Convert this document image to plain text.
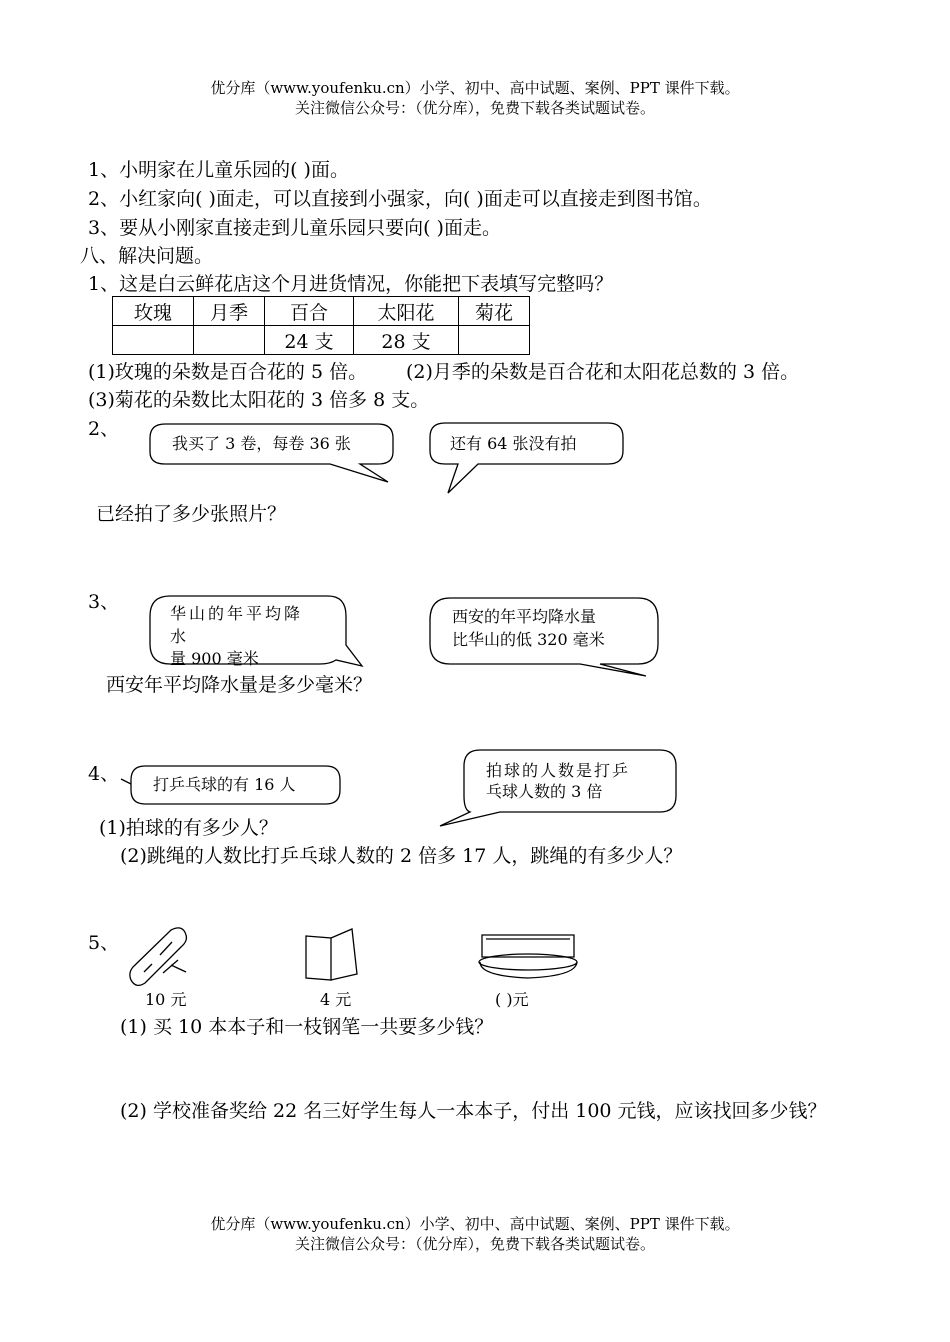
优分库（www.youfenku.cn）小学、初中、高中试题、案例、PPT 课件下载。
关注微信公众号：（优分库），免费下载各类试题试卷。
1、小明家在儿童乐园的( )面。
2、小红家向( )面走，可以直接到小强家，向( )面走可以直接走到图书馆。
3、要从小刚家直接走到儿童乐园只要向( )面走。
八、解决问题。
1、这是白云鲜花店这个月进货情况，你能把下表填写完整吗？
玫瑰	月季	百合	太阳花	菊花
		24 支	28 支	
(1)玫瑰的朵数是百合花的 5 倍。 (2)月季的朵数是百合花和太阳花总数的 3 倍。
(3)菊花的朵数比太阳花的 3 倍多 8 支。
2、
我买了 3 卷，每卷 36 张	还有 64 张没有拍
已经拍了多少张照片？
3、
华山的年平均降
水
量 900 毫米
西安的年平均降水量
比华山的低 320 毫米
西安年平均降水量是多少毫米？
4、 打乒乓球的有 16 人
拍球的人数是打乒
乓球人数的 3 倍
(1)拍球的有多少人？
(2)跳绳的人数比打乒乓球人数的 2 倍多 17 人，跳绳的有多少人？
5、
10 元	4 元	( )元
(1) 买 10 本本子和一枝钢笔一共要多少钱？
(2) 学校准备奖给 22 名三好学生每人一本本子，付出 100 元钱，应该找回多少钱？
优分库（www.youfenku.cn）小学、初中、高中试题、案例、PPT 课件下载。
关注微信公众号：（优分库），免费下载各类试题试卷。
